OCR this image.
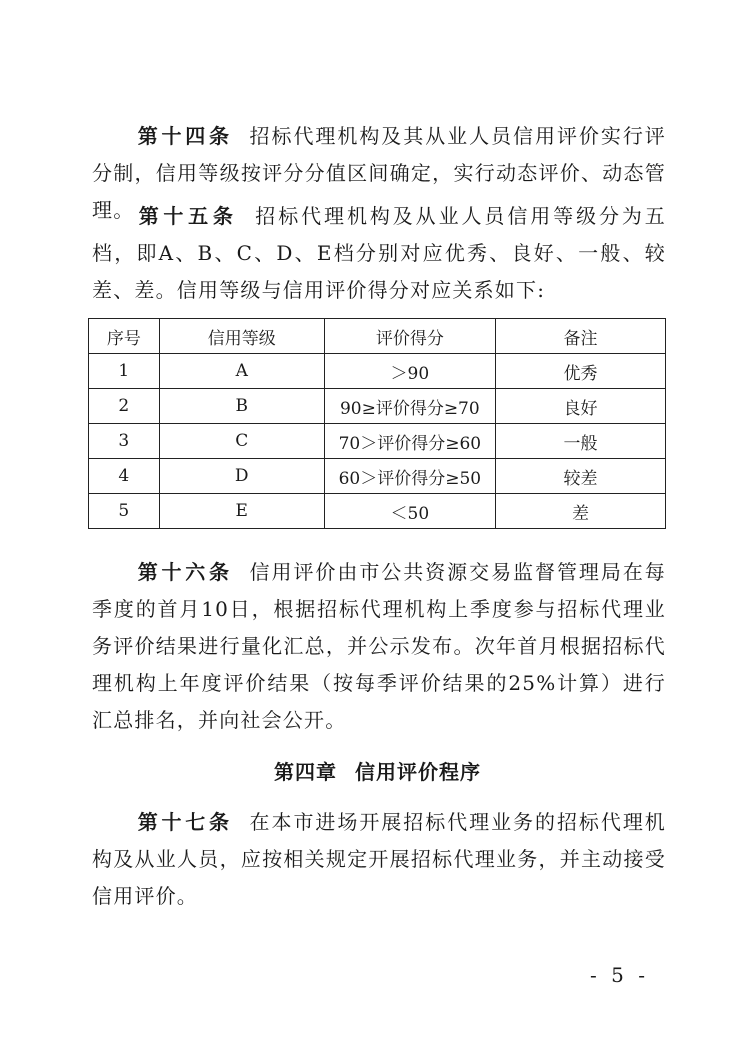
第十四条 招标代理机构及其从业人员信用评价实行评分制，信用等级按评分分值区间确定，实行动态评价、动态管理。 第十五条 招标代理机构及从业人员信用等级分为五档，即A、B、C、D、E档分别对应优秀、良好、一般、较差、差。信用等级与信用评价得分对应关系如下:
序号	信用等级	评价得分	备注
1	A	＞90	优秀
2	B	90≥评价得分≥70	良好
3	C	70＞评价得分≥60	一般
4	D	60＞评价得分≥50	较差
5	E	＜50	差
第十六条 信用评价由市公共资源交易监督管理局在每季度的首月10日，根据招标代理机构上季度参与招标代理业务评价结果进行量化汇总，并公示发布。次年首月根据招标代理机构上年度评价结果（按每季评价结果的25%计算）进行汇总排名，并向社会公开。
第四章 信用评价程序
第十七条 在本市进场开展招标代理业务的招标代理机构及从业人员，应按相关规定开展招标代理业务，并主动接受信用评价。
- 5 -
